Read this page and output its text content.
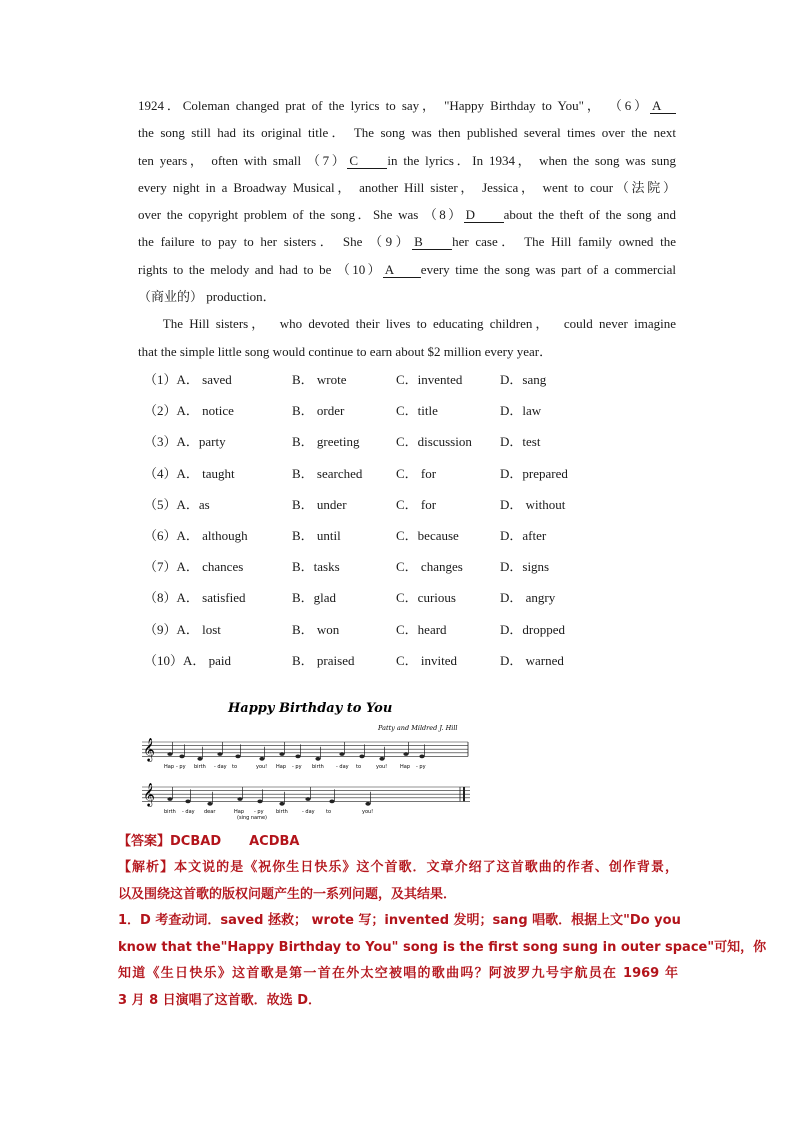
1924．Coleman changed prat of the lyrics to say， "Happy Birthday to You"， （6） A
the song still had its original title． The song was then published several times over the next
ten years， often with small （7） C in the lyrics．In 1934， when the song was sung
every night in a Broadway Musical， another Hill sister， Jessica， went to cour（法院）
over the copyright problem of the song．She was （8） D about the theft of the song and
the failure to pay to her sisters． She （9） B her case． The Hill family owned the
rights to the melody and had to be （10） A every time the song was part of a commercial
（商业的） production．
The Hill sisters，  who devoted their lives to educating children，  could never imagine
that the simple little song would continue to earn about $2 million every year．
（1）A． saved	B． wrote	C．invented	D．sang
（2）A． notice	B． order	C．title	D．law
（3）A．party	B． greeting	C．discussion D．test
（4）A． taught	B． searched	C． for	D．prepared
（5）A．as	B． under	C． for	D． without
（6）A． although	B． until	C．because	D．after
（7）A． chances	B．tasks	C． changes	D．signs
（8）A． satisfied	B．glad	C．curious	D． angry
（9）A． lost	B． won	C．heard	D．dropped
（10）A． paid	B． praised	C． invited	D． warned
Happy Birthday to You
Patty and Mildred J. Hill
𝄞
Hap - py birth - day to	you! Hap - py birth - day to	you!	Hap - py
𝄞
birth - day dear	Hap - py birth	- day to	you!
(sing name)
【答案】DCBAD ACDBA
【解析】本文说的是《祝你生日快乐》这个首歌．文章介绍了这首歌曲的作者、创作背景，
以及围绕这首歌的版权问题产生的一系列问题，及其结果．
1．D 考查动词．saved 拯救； wrote 写；invented 发明；sang 唱歌．根据上文"Do you
know that the"Happy Birthday to You" song is the first song sung in outer space"可知，你
知道《生日快乐》这首歌是第一首在外太空被唱的歌曲吗？阿波罗九号宇航员在 1969 年
3 月 8 日演唱了这首歌．故选 D．
